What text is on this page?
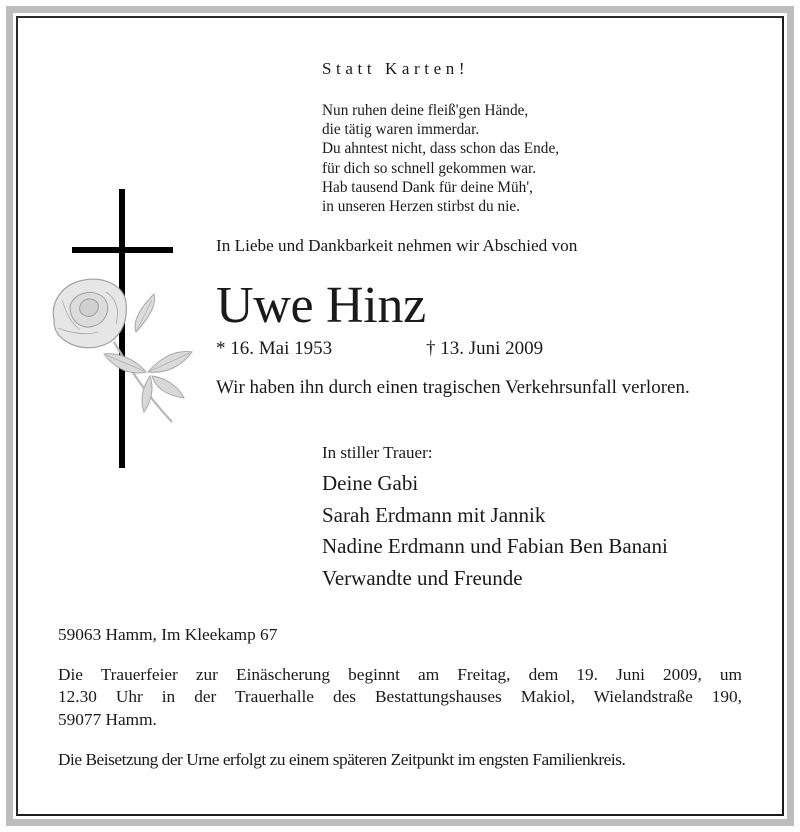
Statt Karten!
Nun ruhen deine fleiß'gen Hände,
die tätig waren immerdar.
Du ahntest nicht, dass schon das Ende,
für dich so schnell gekommen war.
Hab tausend Dank für deine Müh',
in unseren Herzen stirbst du nie.
In Liebe und Dankbarkeit nehmen wir Abschied von
Uwe Hinz
* 16. Mai 1953	† 13. Juni 2009
Wir haben ihn durch einen tragischen Verkehrsunfall verloren.
In stiller Trauer:
Deine Gabi
Sarah Erdmann mit Jannik
Nadine Erdmann und Fabian Ben Banani
Verwandte und Freunde
59063 Hamm, Im Kleekamp 67
Die Trauerfeier zur Einäscherung beginnt am Freitag, dem 19. Juni 2009, um
12.30 Uhr in der Trauerhalle des Bestattungshauses Makiol, Wielandstraße 190,
59077 Hamm.
Die Beisetzung der Urne erfolgt zu einem späteren Zeitpunkt im engsten Familienkreis.
